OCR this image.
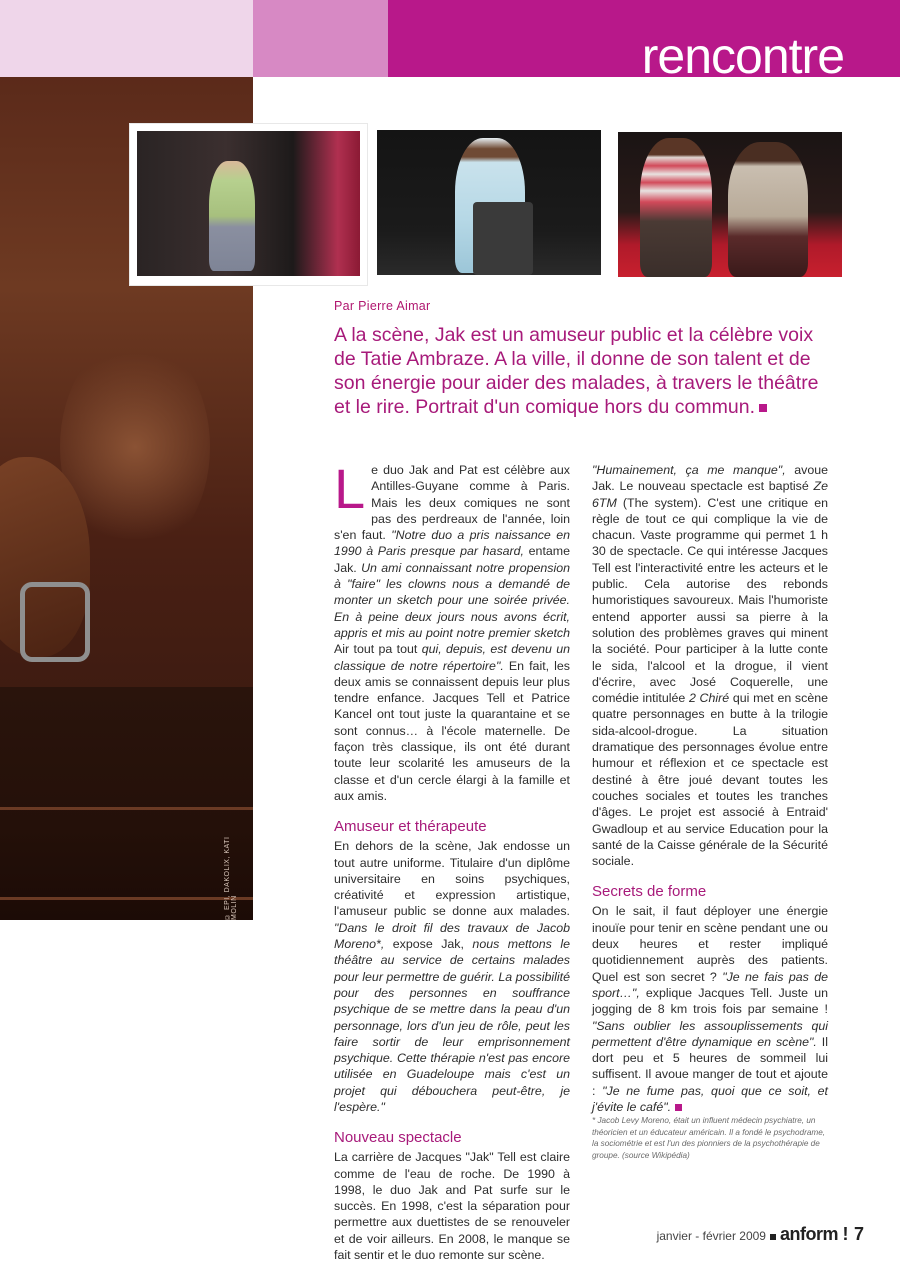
rencontre
© EPI, DAKOLIX, KATI MOLIN
Par Pierre Aimar
A la scène, Jak est un amuseur public et la célèbre voix de Tatie Ambraze. A la ville, il donne de son talent et de son énergie pour aider des malades, à travers le théâtre et le rire. Portrait d'un comique hors du commun.

Le duo Jak and Pat est célèbre aux Antilles-Guyane comme à Paris. Mais les deux comiques ne sont pas des perdreaux de l'année, loin s'en faut. "Notre duo a pris naissance en 1990 à Paris presque par hasard, entame Jak. Un ami connaissant notre propension à "faire" les clowns nous a demandé de monter un sketch pour une soirée privée. En à peine deux jours nous avons écrit, appris et mis au point notre premier sketch Air tout pa tout qui, depuis, est devenu un classique de notre répertoire". En fait, les deux amis se connaissent depuis leur plus tendre enfance. Jacques Tell et Patrice Kancel ont tout juste la quarantaine et se sont connus… à l'école maternelle. De façon très classique, ils ont été durant toute leur scolarité les amuseurs de la classe et d'un cercle élargi à la famille et aux amis.

Amuseur et thérapeute

En dehors de la scène, Jak endosse un tout autre uniforme. Titulaire d'un diplôme universitaire en soins psychiques, créativité et expression artistique, l'amuseur public se donne aux malades. "Dans le droit fil des travaux de Jacob Moreno*, expose Jak, nous mettons le théâtre au service de certains malades pour leur permettre de guérir. La possibilité pour des personnes en souffrance psychique de se mettre dans la peau d'un personnage, lors d'un jeu de rôle, peut les faire sortir de leur emprisonnement psychique. Cette thérapie n'est pas encore utilisée en Guadeloupe mais c'est un projet qui débouchera peut-être, je l'espère."

Nouveau spectacle

La carrière de Jacques "Jak" Tell est claire comme de l'eau de roche. De 1990 à 1998, le duo Jak and Pat surfe sur le succès. En 1998, c'est la séparation pour permettre aux duettistes de se renouveler et de voir ailleurs. En 2008, le manque se fait sentir et le duo remonte sur scène.

"Humainement, ça me manque", avoue Jak. Le nouveau spectacle est baptisé Ze 6TM (The system). C'est une critique en règle de tout ce qui complique la vie de chacun. Vaste programme qui permet 1 h 30 de spectacle. Ce qui intéresse Jacques Tell est l'interactivité entre les acteurs et le public. Cela autorise des rebonds humoristiques savoureux. Mais l'humoriste entend apporter aussi sa pierre à la solution des problèmes graves qui minent la société. Pour participer à la lutte conte le sida, l'alcool et la drogue, il vient d'écrire, avec José Coquerelle, une comédie intitulée 2 Chiré qui met en scène quatre personnages en butte à la trilogie sida-alcool-drogue. La situation dramatique des personnages évolue entre humour et réflexion et ce spectacle est destiné à être joué devant toutes les couches sociales et toutes les tranches d'âges. Le projet est associé à Entraid' Gwadloup et au service Education pour la santé de la Caisse générale de la Sécurité sociale.

Secrets de forme

On le sait, il faut déployer une énergie inouïe pour tenir en scène pendant une ou deux heures et rester impliqué quotidiennement auprès des patients. Quel est son secret ? "Je ne fais pas de sport…", explique Jacques Tell. Juste un jogging de 8 km trois fois par semaine ! "Sans oublier les assouplissements qui permettent d'être dynamique en scène". Il dort peu et 5 heures de sommeil lui suffisent. Il avoue manger de tout et ajoute : "Je ne fume pas, quoi que ce soit, et j'évite le café".

* Jacob Levy Moreno, était un influent médecin psychiatre, un théoricien et un éducateur américain. Il a fondé le psychodrame, la sociométrie et est l'un des pionniers de la psychothérapie de groupe. (source Wikipédia)

janvier - février 2009 anform ! 7
